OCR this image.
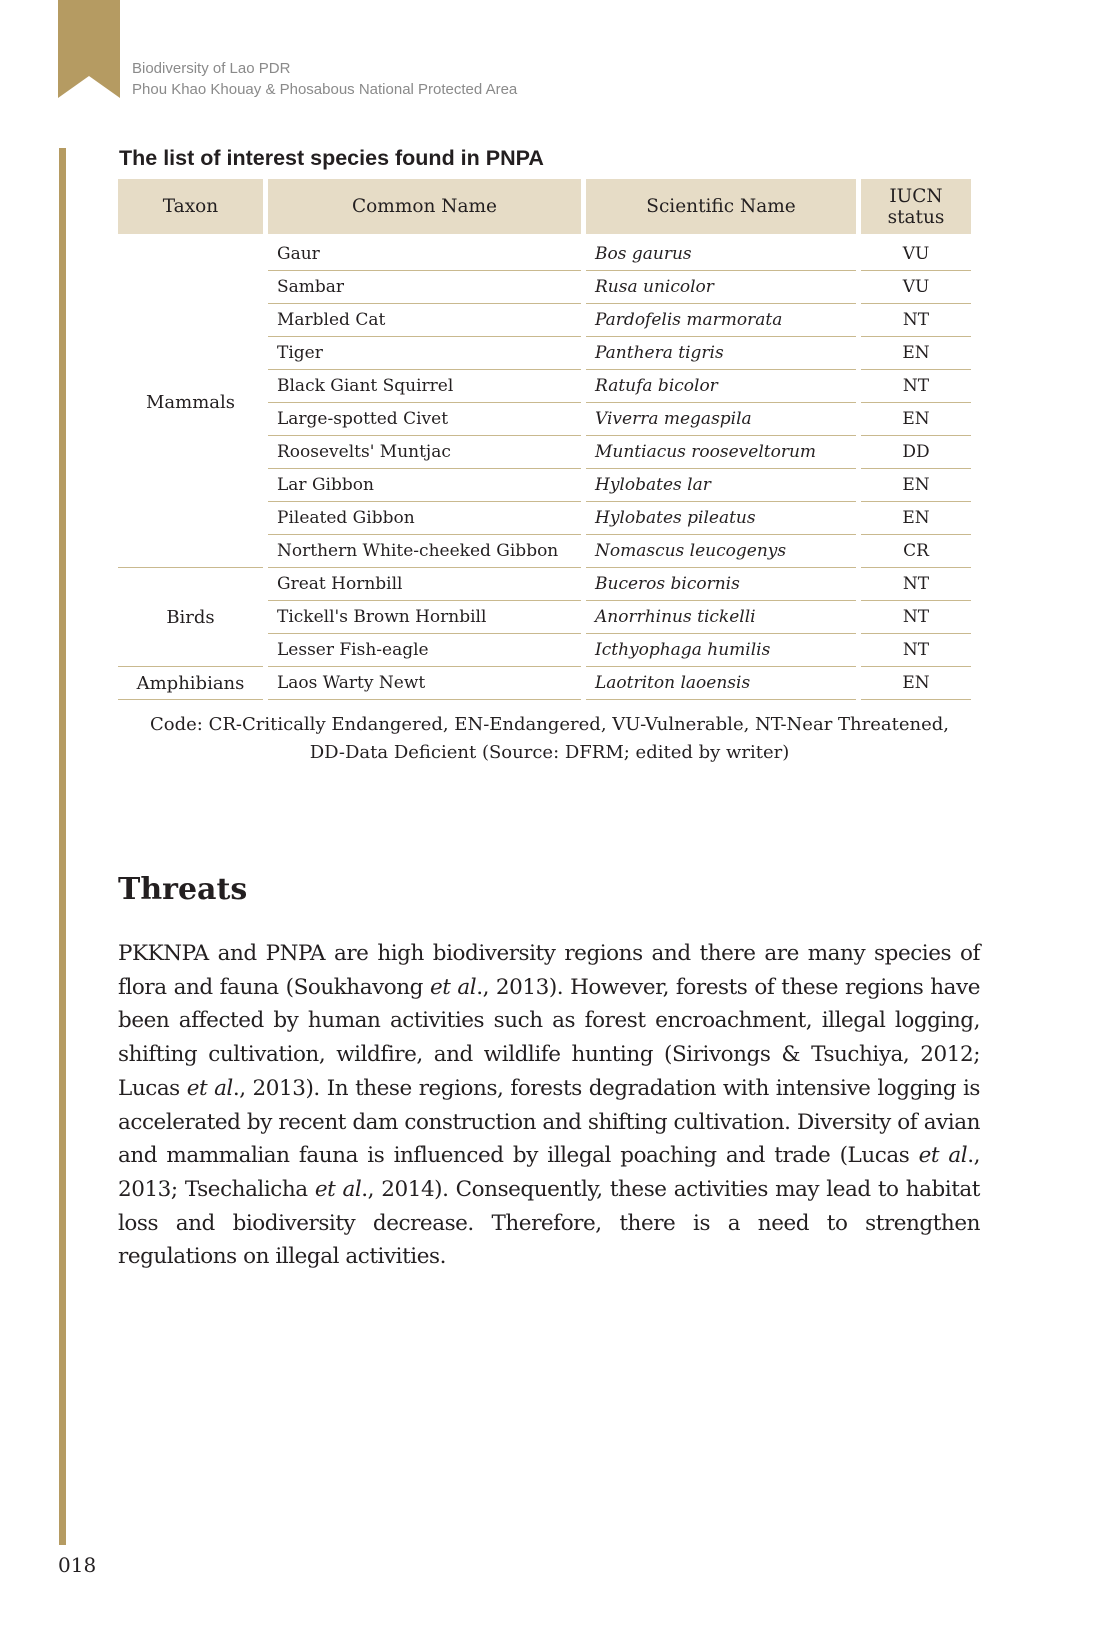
Biodiversity of Lao PDR
Phou Khao Khouay & Phosabous National Protected Area
The list of interest species found in PNPA
Taxon	Common Name	Scientific Name	IUCN status
Mammals	Gaur	Bos gaurus	VU
	Sambar	Rusa unicolor	VU
	Marbled Cat	Pardofelis marmorata	NT
	Tiger	Panthera tigris	EN
	Black Giant Squirrel	Ratufa bicolor	NT
	Large-spotted Civet	Viverra megaspila	EN
	Roosevelts' Muntjac	Muntiacus rooseveltorum	DD
	Lar Gibbon	Hylobates lar	EN
	Pileated Gibbon	Hylobates pileatus	EN
	Northern White-cheeked Gibbon	Nomascus leucogenys	CR
Birds	Great Hornbill	Buceros bicornis	NT
	Tickell's Brown Hornbill	Anorrhinus tickelli	NT
	Lesser Fish-eagle	Icthyophaga humilis	NT
Amphibians	Laos Warty Newt	Laotriton laoensis	EN
Code: CR-Critically Endangered, EN-Endangered, VU-Vulnerable, NT-Near Threatened,
DD-Data Deficient (Source: DFRM; edited by writer)
Threats

PKKNPA and PNPA are high biodiversity regions and there are many species of flora and fauna (Soukhavong et al., 2013). However, forests of these regions have been affected by human activities such as forest encroachment, illegal logging, shifting cultivation, wildfire, and wildlife hunting (Sirivongs & Tsuchiya, 2012; Lucas et al., 2013). In these regions, forests degradation with intensive logging is accelerated by recent dam construction and shifting cultivation. Diversity of avian and mammalian fauna is influenced by illegal poaching and trade (Lucas et al., 2013; Tsechalicha et al., 2014). Consequently, these activities may lead to habitat loss and biodiversity decrease. Therefore, there is a need to strengthen regulations on illegal activities.

018
